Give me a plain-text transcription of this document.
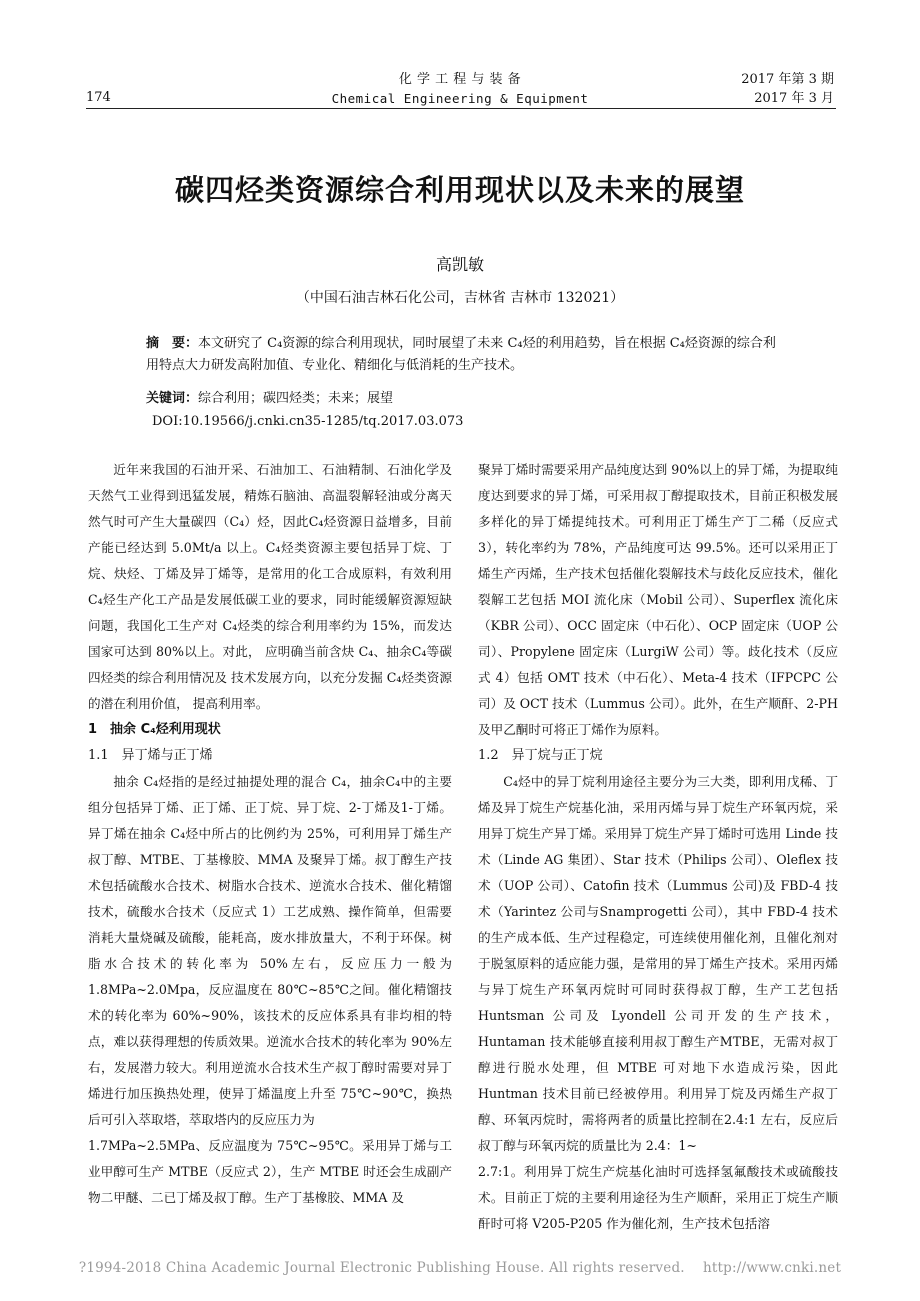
化 学 工 程 与 装 备
Chemical Engineering & Equipment
2017 年第 3 期
2017 年 3 月
174
碳四烃类资源综合利用现状以及未来的展望
高凯敏
（中国石油吉林石化公司，吉林省 吉林市 132021）
摘　要：本文研究了 C₄资源的综合利用现状，同时展望了未来 C₄烃的利用趋势，旨在根据 C₄烃资源的综合利用特点大力研发高附加值、专业化、精细化与低消耗的生产技术。
关键词：综合利用；碳四烃类；未来；展望
DOI:10.19566/j.cnki.cn35-1285/tq.2017.03.073

近年来我国的石油开采、石油加工、石油精制、石油化学及天然气工业得到迅猛发展，精炼石脑油、高温裂解轻油或分离天然气时可产生大量碳四（C₄）烃，因此C₄烃资源日益增多，目前产能已经达到 5.0Mt/a 以上。C₄烃类资源主要包括异丁烷、丁烷、炔烃、丁烯及异丁烯等，是常用的化工合成原料，有效利用 C₄烃生产化工产品是发展低碳工业的要求，同时能缓解资源短缺问题，我国化工生产对 C₄烃类的综合利用率约为 15%，而发达国家可达到 80%以上。对此， 应明确当前含炔 C₄、抽余C₄等碳四烃类的综合利用情况及 技术发展方向，以充分发掘 C₄烃类资源的潜在利用价值， 提高利用率。

1　抽余 C₄烃利用现状
1.1　异丁烯与正丁烯

抽余 C₄烃指的是经过抽提处理的混合 C₄，抽余C₄中的主要组分包括异丁烯、正丁烯、正丁烷、异丁烷、2-丁烯及1-丁烯。异丁烯在抽余 C₄烃中所占的比例约为 25%，可利用异丁烯生产叔丁醇、MTBE、丁基橡胶、MMA 及聚异丁烯。叔丁醇生产技术包括硫酸水合技术、树脂水合技术、逆流水合技术、催化精馏技术，硫酸水合技术（反应式 1）工艺成熟、操作简单，但需要消耗大量烧碱及硫酸，能耗高，废水排放量大，不利于环保。树脂水合技术的转化率为 50%左右，反应压力一般为 1.8MPa~2.0Mpa，反应温度在 80℃~85℃之间。催化精馏技术的转化率为 60%~90%，该技术的反应体系具有非均相的特点，难以获得理想的传质效果。逆流水合技术的转化率为 90%左右，发展潜力较大。利用逆流水合技术生产叔丁醇时需要对异丁烯进行加压换热处理，使异丁烯温度上升至 75℃~90℃，换热后可引入萃取塔，萃取塔内的反应压力为

1.7MPa~2.5MPa、反应温度为 75℃~95℃。采用异丁烯与工业甲醇可生产 MTBE（反应式 2），生产 MTBE 时还会生成副产物二甲醚、二已丁烯及叔丁醇。生产丁基橡胶、MMA 及

聚异丁烯时需要采用产品纯度达到 90%以上的异丁烯，为提取纯度达到要求的异丁烯，可采用叔丁醇提取技术，目前正积极发展多样化的异丁烯提纯技术。可利用正丁烯生产丁二稀（反应式 3），转化率约为 78%，产品纯度可达 99.5%。还可以采用正丁烯生产丙烯，生产技术包括催化裂解技术与歧化反应技术，催化裂解工艺包括 MOI 流化床（Mobil 公司）、Superflex 流化床（KBR 公司）、OCC 固定床（中石化）、OCP 固定床（UOP 公司）、Propylene 固定床（LurgiW 公司）等。歧化技术（反应式 4）包括 OMT 技术（中石化）、Meta-4 技术（IFPCPC 公司）及 OCT 技术（Lummus 公司）。此外，在生产顺酐、2-PH 及甲乙酮时可将正丁烯作为原料。

1.2　异丁烷与正丁烷

C₄烃中的异丁烷利用途径主要分为三大类，即利用戊稀、丁烯及异丁烷生产烷基化油，采用丙烯与异丁烷生产环氧丙烷，采用异丁烷生产异丁烯。采用异丁烷生产异丁烯时可选用 Linde 技术（Linde AG 集团）、Star 技术（Philips 公司）、Oleflex 技术（UOP 公司）、Catofin 技术（Lummus 公司)及 FBD-4 技术（Yarintez 公司与Snamprogetti 公司），其中 FBD-4 技术的生产成本低、生产过程稳定，可连续使用催化剂，且催化剂对于脱氢原料的适应能力强，是常用的异丁烯生产技术。采用丙烯与异丁烷生产环氧丙烷时可同时获得叔丁醇，生产工艺包括 Huntsman 公司及 Lyondell 公司开发的生产技术，Huntaman 技术能够直接利用叔丁醇生产MTBE，无需对叔丁醇进行脱水处理，但 MTBE 可对地下水造成污染，因此 Huntman 技术目前已经被停用。利用异丁烷及丙烯生产叔丁醇、环氧丙烷时，需将两者的质量比控制在2.4:1 左右，反应后叔丁醇与环氧丙烷的质量比为 2.4：1~

2.7:1。利用异丁烷生产烷基化油时可选择氢氟酸技术或硫酸技术。目前正丁烷的主要利用途径为生产顺酐，采用正丁烷生产顺酐时可将 V205-P205 作为催化剂，生产技术包括溶

?1994-2018 China Academic Journal Electronic Publishing House. All rights reserved.　 http://www.cnki.net
